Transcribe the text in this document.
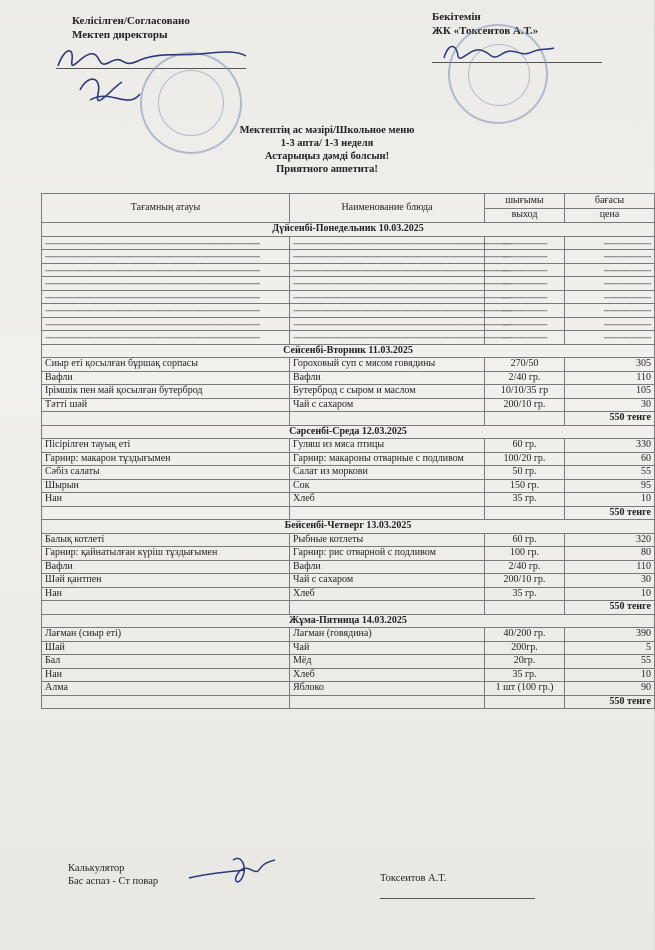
Келісілген/Согласовано
Мектеп директоры
Бекітемін
ЖК «Токсеитов А.Т.»
Мектептің ас мәзірі/Школьное меню
1-3 апта/ 1-3 неделя
Астарыңыз дәмді болсын!
Приятного аппетита!
Тағамның атауы	Наименование блюда	шығымы	бағасы
		выход	цена
Дүйсенбі-Понедельник 10.03.2025			
--------------------------------------------------------------------------------------	---------------------------------------------------------------------------------------	------------------	-------------------
--------------------------------------------------------------------------------------	---------------------------------------------------------------------------------------	------------------	-------------------
--------------------------------------------------------------------------------------	---------------------------------------------------------------------------------------	------------------	-------------------
--------------------------------------------------------------------------------------	---------------------------------------------------------------------------------------	------------------	-------------------
--------------------------------------------------------------------------------------	---------------------------------------------------------------------------------------	------------------	-------------------
--------------------------------------------------------------------------------------	---------------------------------------------------------------------------------------	------------------	-------------------
--------------------------------------------------------------------------------------	---------------------------------------------------------------------------------------	------------------	-------------------
--------------------------------------------------------------------------------------	---------------------------------------------------------------------------------------	------------------	-------------------
Сейсенбі-Вторник 11.03.2025			
Сиыр еті қосылған бұршақ сорпасы	Гороховый суп с мясом говядины	270/50	305
Вафли	Вафли	2/40 гр.	110
Ірімшік пен май қосылған бутерброд	Бутерброд с сыром и маслом	10/10/35 гр	105
Тәтті шәй	Чай с сахаром	200/10 гр.	30
			550 тенге
Сәрсенбі-Среда 12.03.2025			
Пісірілген тауық еті	Гуляш из мяса птицы	60 гр.	330
Гарнир: макарон тұздығымен	Гарнир: макароны отварные с подливом	100/20 гр.	60
Сәбіз салаты	Салат из моркови	50 гр.	55
Шырын	Сок	150 гр.	95
Нан	Хлеб	35 гр.	10
			550 тенге
Бейсенбі-Четверг 13.03.2025			
Балық котлеті	Рыбные котлеты	60 гр.	320
Гарнир: қайнатылған күріш тұздығымен	Гарнир: рис отварной с подливом	100 гр.	80
Вафли	Вафли	2/40 гр.	110
Шәй қантпен	Чай с сахаром	200/10 гр.	30
Нан	Хлеб	35 гр.	10
			550 тенге
Жұма-Пятница 14.03.2025			
Лағман (сиыр еті)	Лагман (говядина)	40/200 гр.	390
Шай	Чай	200гр.	5
Бал	Мёд	20гр.	55
Нан	Хлеб	35 гр.	10
Алма	Яблоко	1 шт (100 гр.)	90
			550 тенге
Калькулятор
Бас аспаз - Ст повар	Токсеитов А.Т.
